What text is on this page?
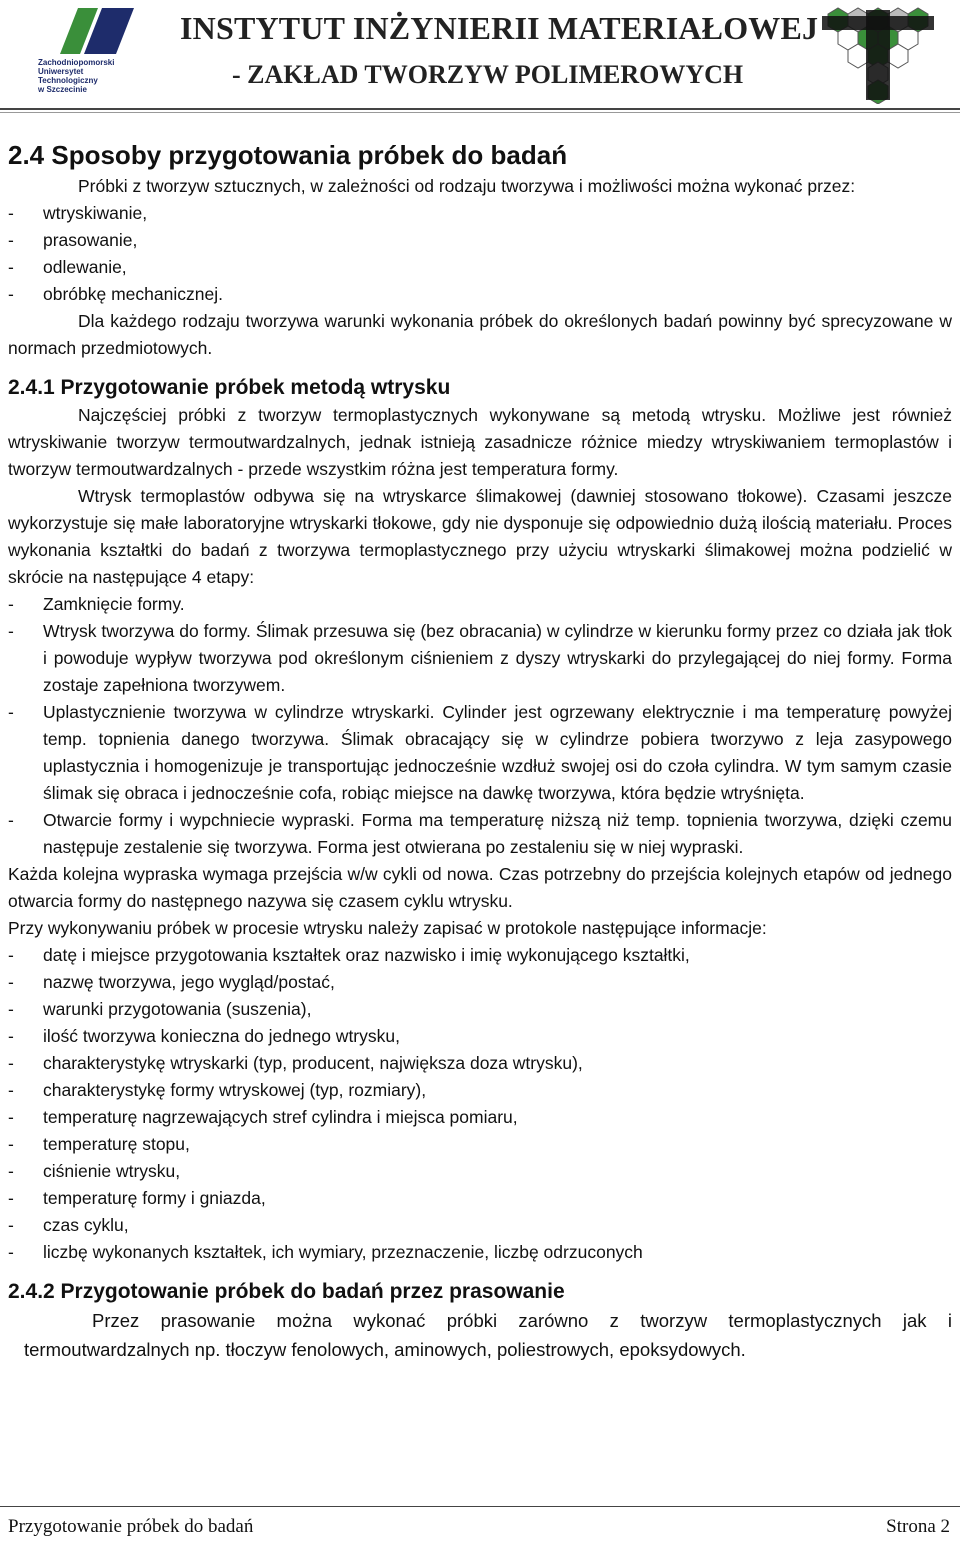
Zachodniopomorski
Uniwersytet
Technologiczny
w Szczecinie
INSTYTUT INŻYNIERII MATERIAŁOWEJ
- ZAKŁAD TWORZYW POLIMEROWYCH
2.4 Sposoby przygotowania próbek do badań
Próbki z tworzyw sztucznych, w zależności od rodzaju tworzywa i możliwości można wykonać przez:
-	wtryskiwanie,
-	prasowanie,
-	odlewanie,
-	obróbkę mechanicznej.
Dla każdego rodzaju tworzywa warunki wykonania próbek do określonych badań powinny być sprecyzowane w normach przedmiotowych.
2.4.1 Przygotowanie próbek metodą wtrysku
Najczęściej próbki z tworzyw termoplastycznych wykonywane są metodą wtrysku. Możliwe jest również wtryskiwanie tworzyw termoutwardzalnych, jednak istnieją zasadnicze różnice miedzy wtryskiwaniem termoplastów i tworzyw termoutwardzalnych - przede wszystkim różna jest temperatura formy.
Wtrysk termoplastów odbywa się na wtryskarce ślimakowej (dawniej stosowano tłokowe). Czasami jeszcze wykorzystuje się małe laboratoryjne wtryskarki tłokowe, gdy nie dysponuje się odpowiednio dużą ilością materiału. Proces wykonania kształtki do badań z tworzywa termoplastycznego przy użyciu wtryskarki ślimakowej można podzielić w skrócie na następujące 4 etapy:
-	Zamknięcie formy.
-	Wtrysk tworzywa do formy. Ślimak przesuwa się (bez obracania) w cylindrze w kierunku formy przez co działa jak tłok i powoduje wypływ tworzywa pod określonym ciśnieniem z dyszy wtryskarki do przylegającej do niej formy. Forma zostaje zapełniona tworzywem.
-	Uplastycznienie tworzywa w cylindrze wtryskarki. Cylinder jest ogrzewany elektrycznie i ma temperaturę powyżej temp. topnienia danego tworzywa. Ślimak obracający się w cylindrze pobiera tworzywo z leja zasypowego uplastycznia i homogenizuje je transportując jednocześnie wzdłuż swojej osi do czoła cylindra. W tym samym czasie ślimak się obraca i jednocześnie cofa, robiąc miejsce na dawkę tworzywa, która będzie wtryśnięta.
-	Otwarcie formy i wypchniecie wypraski. Forma ma temperaturę niższą niż temp. topnienia tworzywa, dzięki czemu następuje zestalenie się tworzywa. Forma jest otwierana po zestaleniu się w niej wypraski.
Każda kolejna wypraska wymaga przejścia w/w cykli od nowa. Czas potrzebny do przejścia kolejnych etapów od jednego otwarcia formy do następnego nazywa się czasem cyklu wtrysku.
Przy wykonywaniu próbek w procesie wtrysku należy zapisać w protokole następujące informacje:
-	datę i miejsce przygotowania kształtek oraz nazwisko i imię wykonującego kształtki,
-	nazwę tworzywa, jego wygląd/postać,
-	warunki przygotowania (suszenia),
-	ilość tworzywa konieczna do jednego wtrysku,
-	charakterystykę wtryskarki (typ, producent, największa doza wtrysku),
-	charakterystykę formy wtryskowej (typ, rozmiary),
-	temperaturę nagrzewających stref cylindra i miejsca pomiaru,
-	temperaturę stopu,
-	ciśnienie wtrysku,
-	temperaturę formy i gniazda,
-	czas cyklu,
-	liczbę wykonanych kształtek, ich wymiary, przeznaczenie, liczbę odrzuconych
2.4.2 Przygotowanie próbek do badań przez prasowanie
Przez prasowanie można wykonać próbki zarówno z tworzyw termoplastycznych jak i termoutwardzalnych np. tłoczyw fenolowych, aminowych, poliestrowych, epoksydowych.
Przygotowanie próbek do badań	Strona 2
